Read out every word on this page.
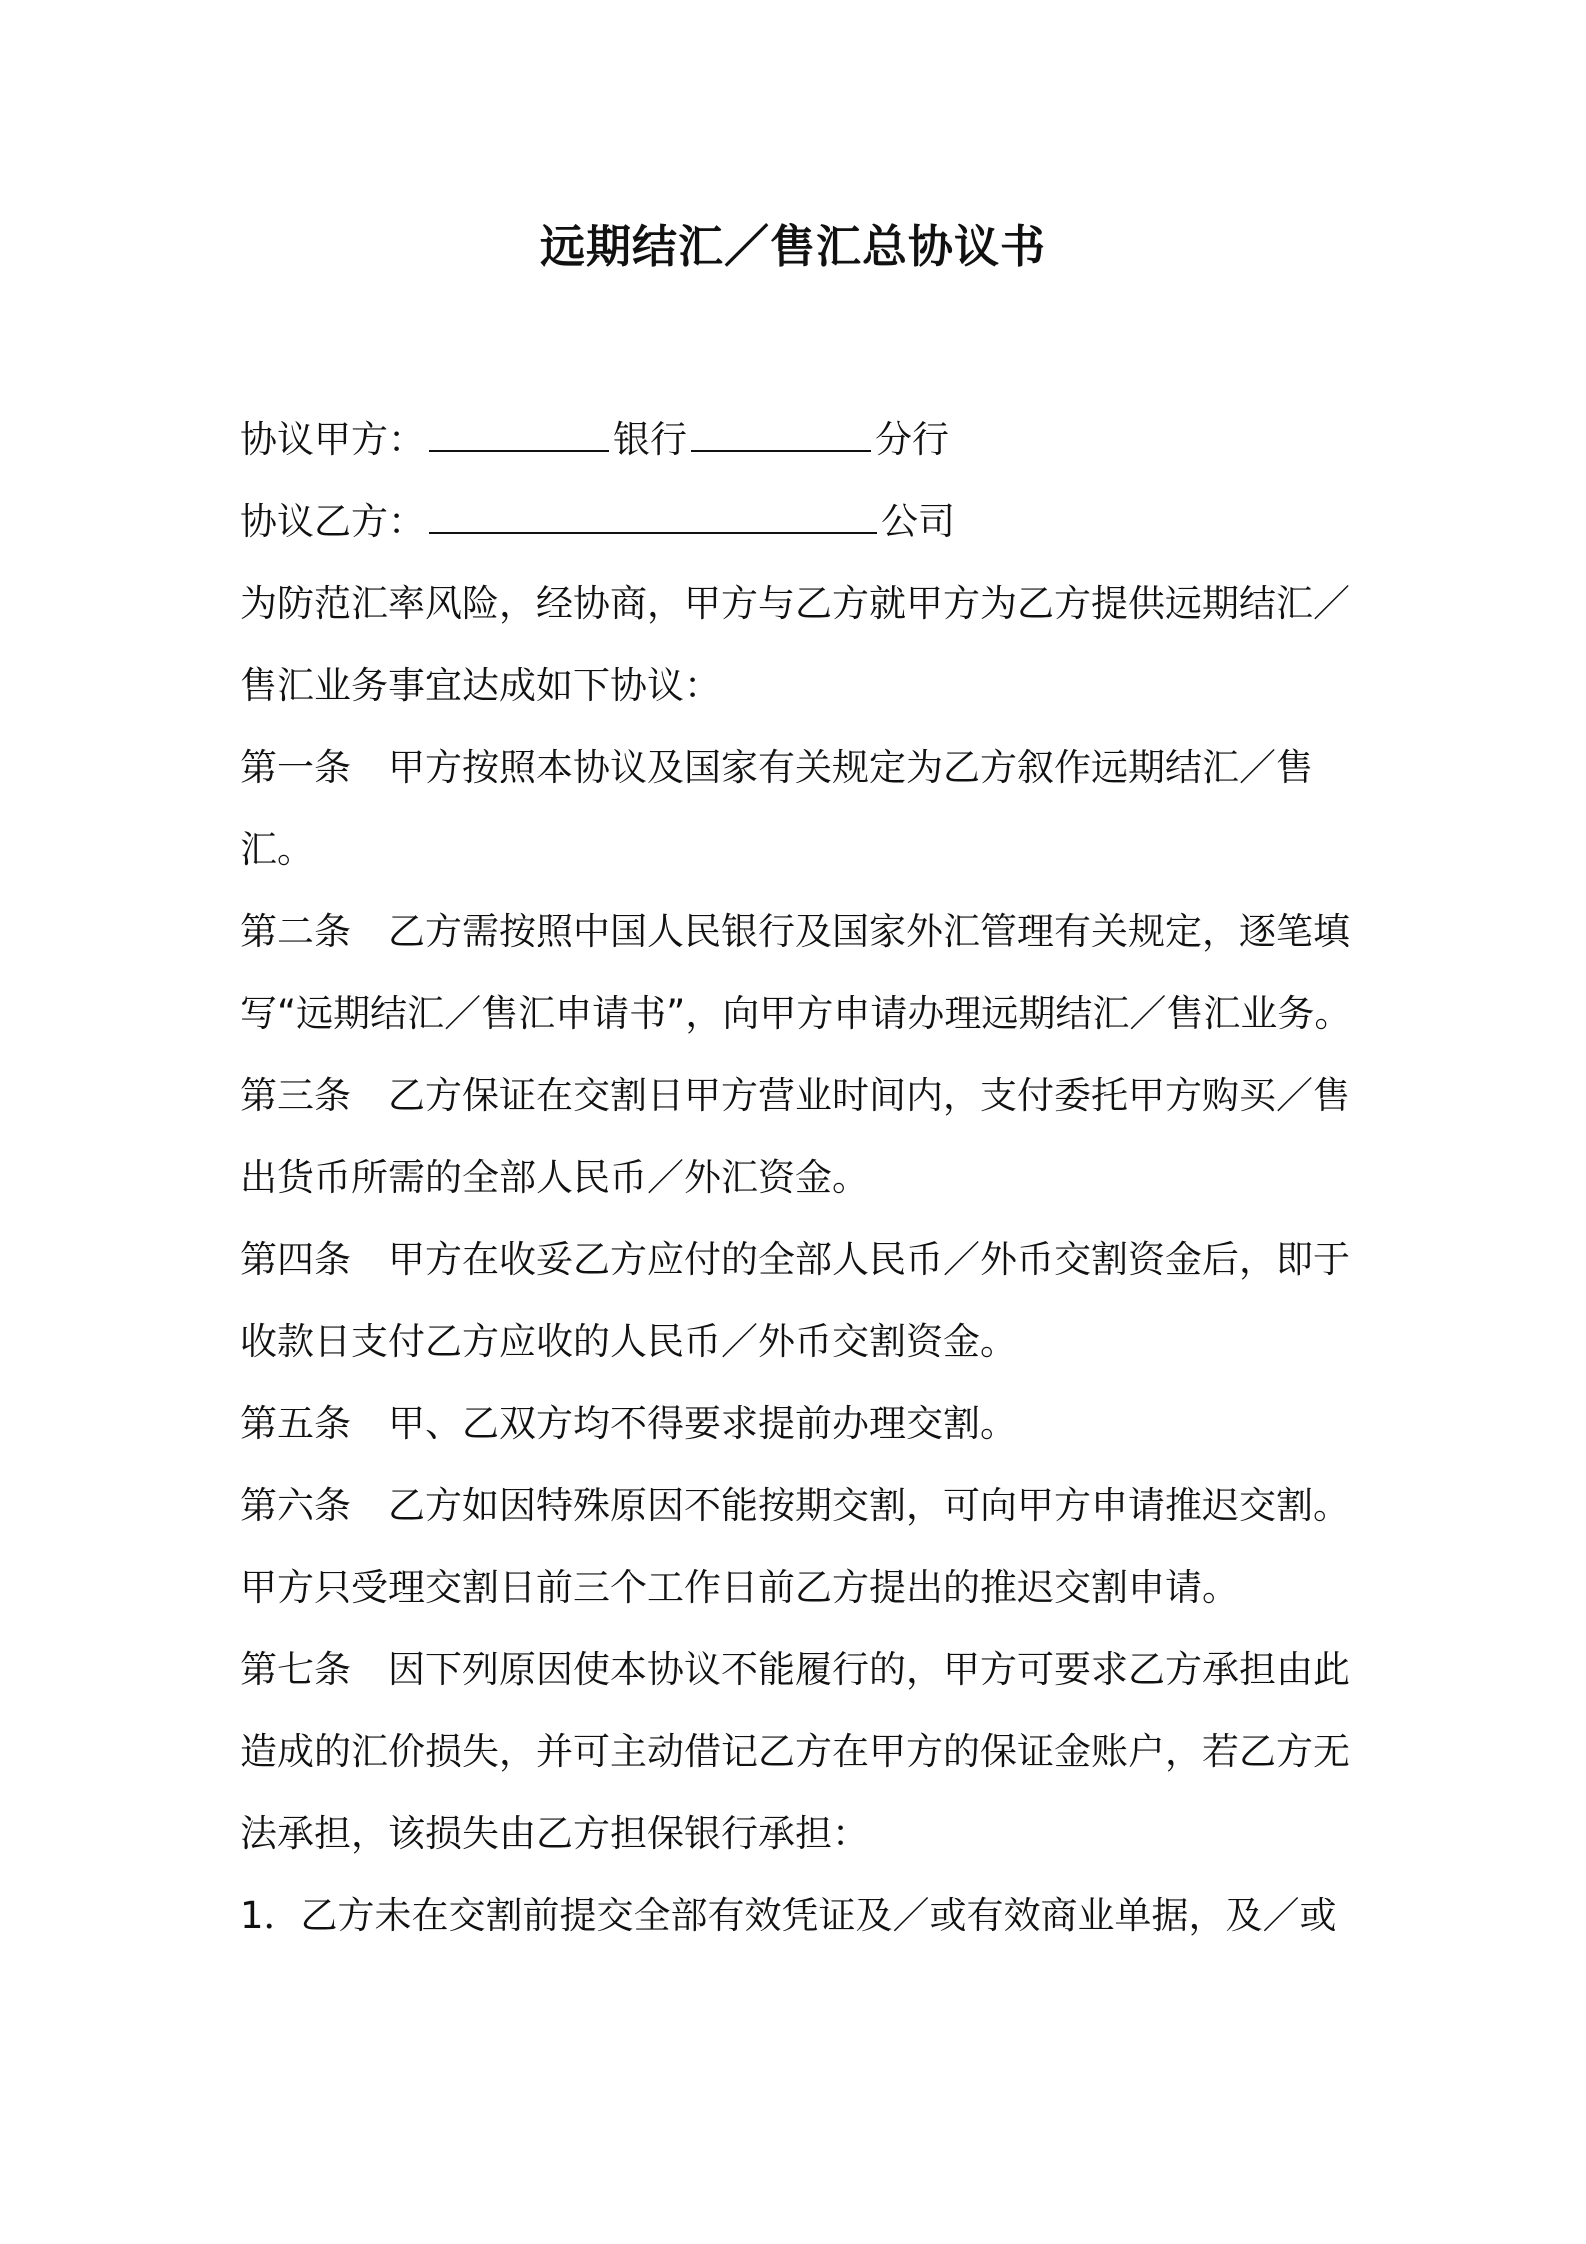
远期结汇／售汇总协议书
协议甲方：	银行	分行
协议乙方：	公司
为防范汇率风险，经协商，甲方与乙方就甲方为乙方提供远期结汇／
售汇业务事宜达成如下协议：
第一条　甲方按照本协议及国家有关规定为乙方叙作远期结汇／售
汇。
第二条　乙方需按照中国人民银行及国家外汇管理有关规定，逐笔填
写“远期结汇／售汇申请书”，向甲方申请办理远期结汇／售汇业务。
第三条　乙方保证在交割日甲方营业时间内，支付委托甲方购买／售
出货币所需的全部人民币／外汇资金。
第四条　甲方在收妥乙方应付的全部人民币／外币交割资金后，即于
收款日支付乙方应收的人民币／外币交割资金。
第五条　甲、乙双方均不得要求提前办理交割。
第六条　乙方如因特殊原因不能按期交割，可向甲方申请推迟交割。
甲方只受理交割日前三个工作日前乙方提出的推迟交割申请。
第七条　因下列原因使本协议不能履行的，甲方可要求乙方承担由此
造成的汇价损失，并可主动借记乙方在甲方的保证金账户，若乙方无
法承担，该损失由乙方担保银行承担：
1．乙方未在交割前提交全部有效凭证及／或有效商业单据，及／或
